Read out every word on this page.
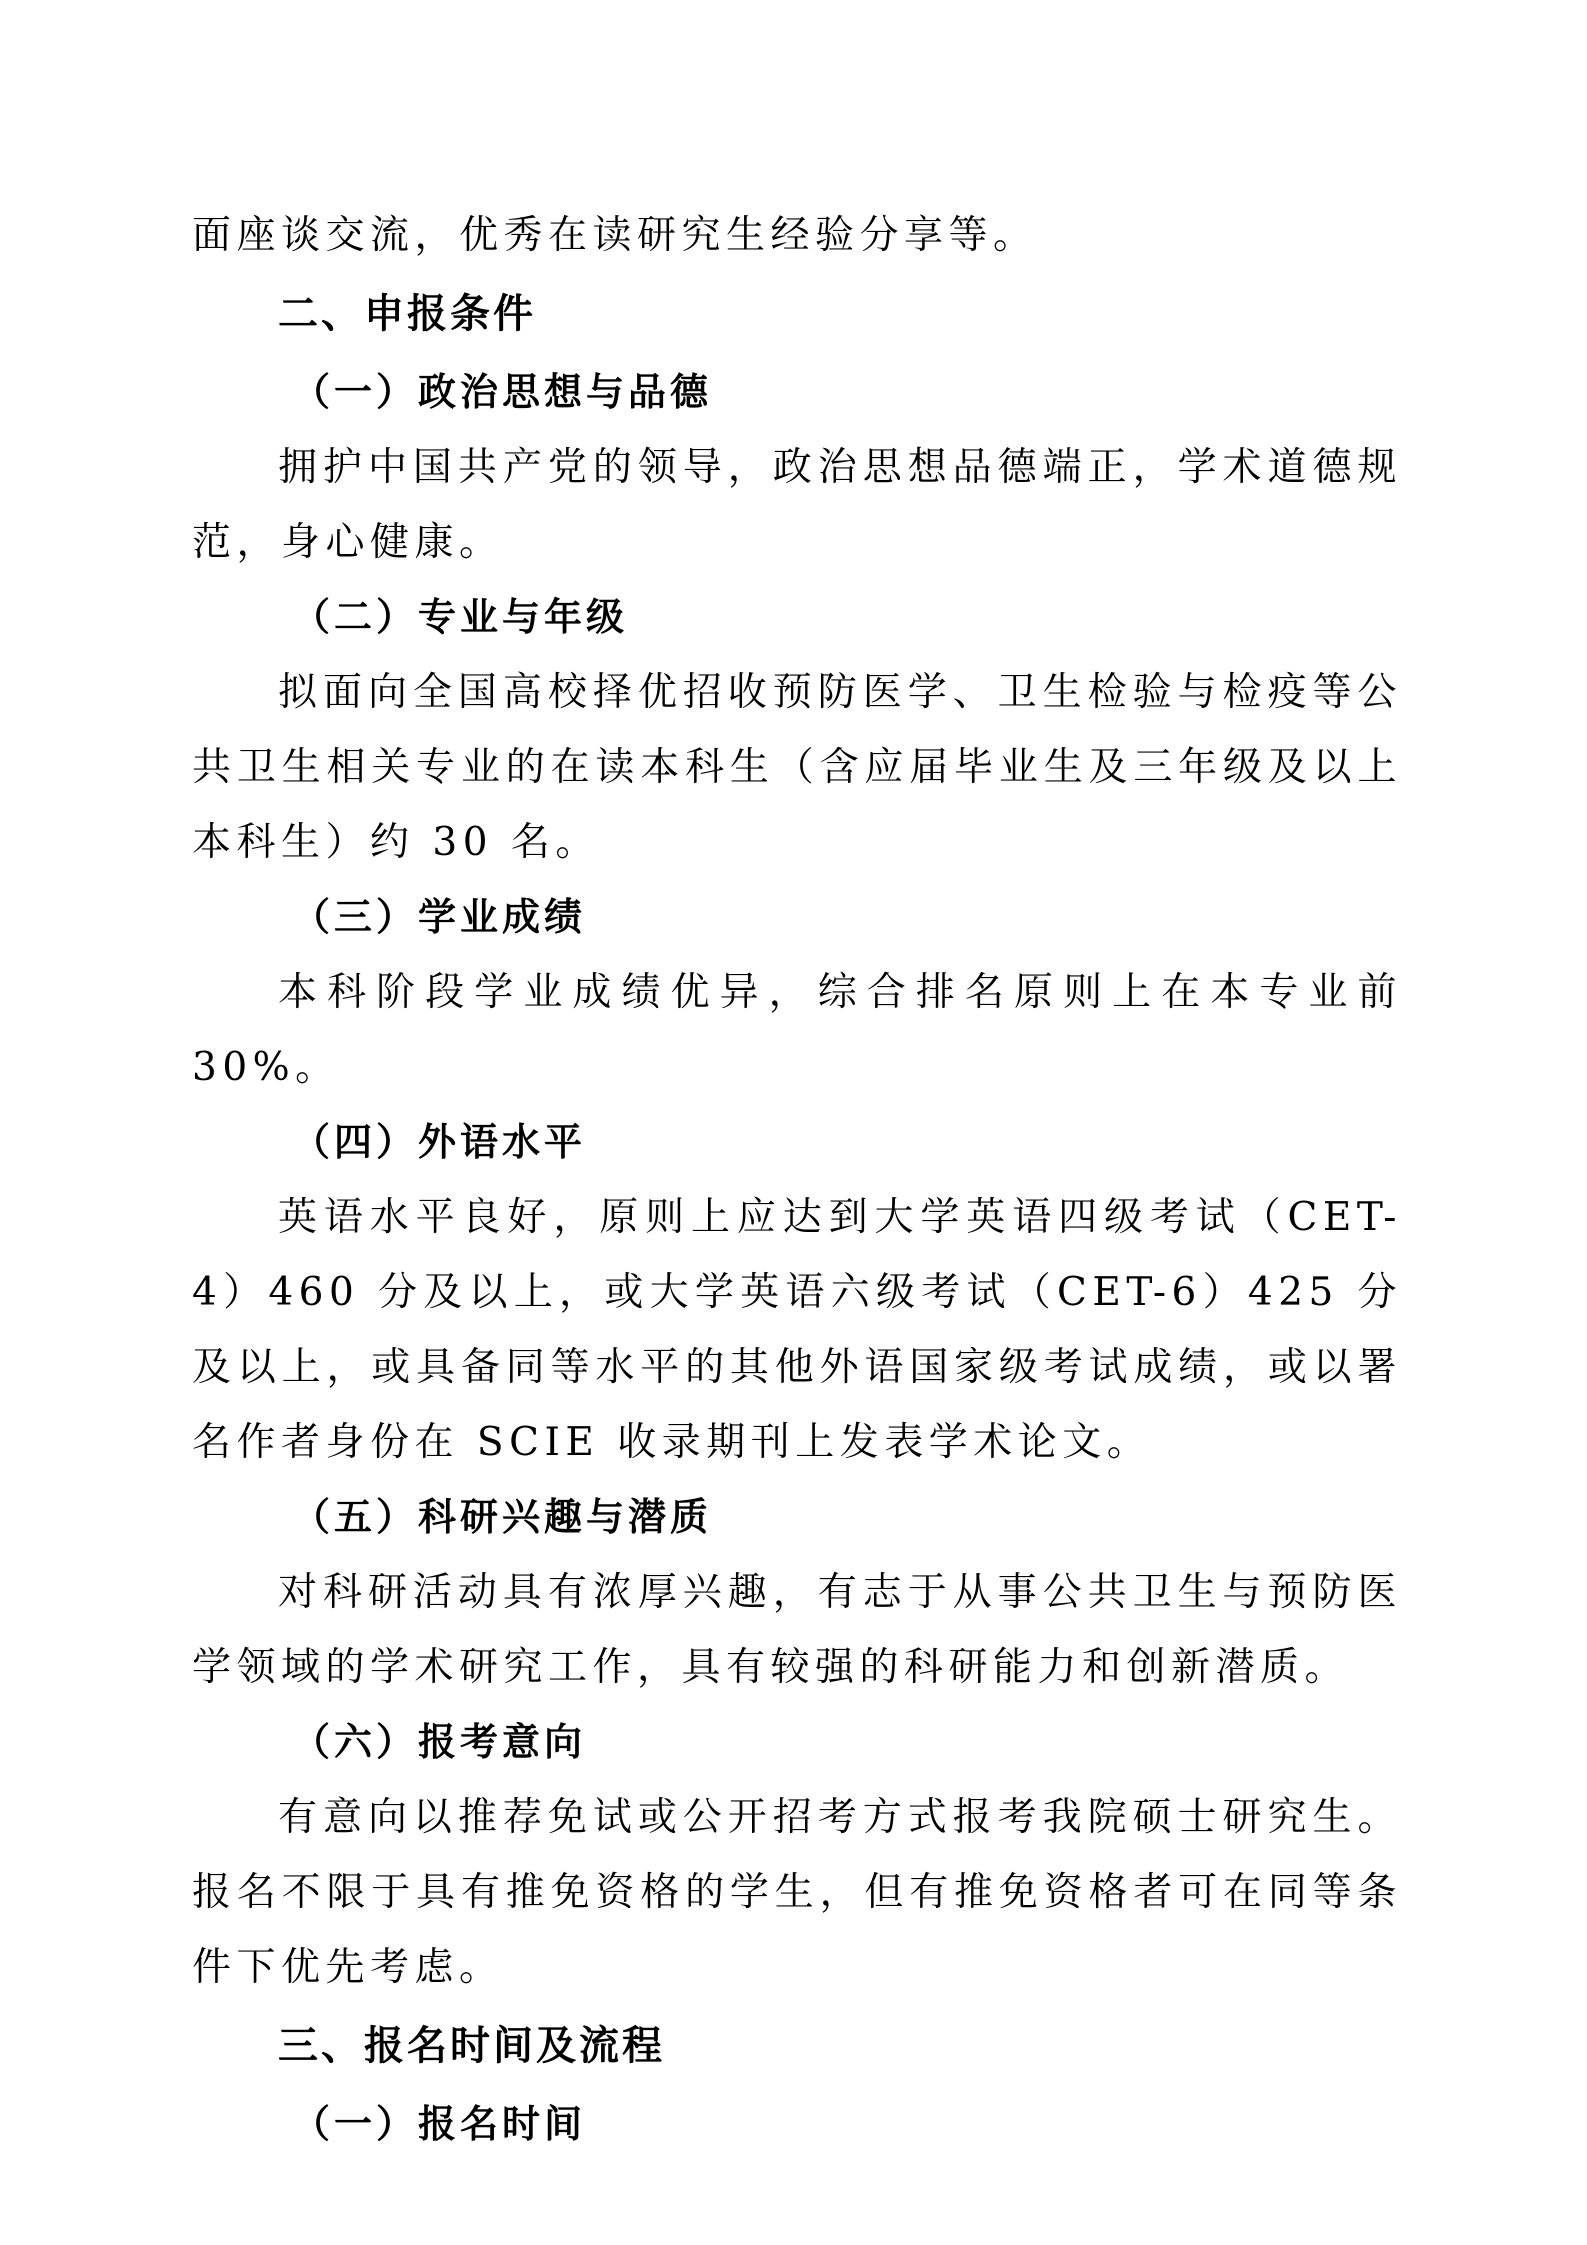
面座谈交流，优秀在读研究生经验分享等。

二、申报条件

（一）政治思想与品德

拥护中国共产党的领导，政治思想品德端正，学术道德规范，身心健康。

（二）专业与年级

拟面向全国高校择优招收预防医学、卫生检验与检疫等公共卫生相关专业的在读本科生（含应届毕业生及三年级及以上本科生）约 30 名。

（三）学业成绩

本科阶段学业成绩优异，综合排名原则上在本专业前 30%。

（四）外语水平

英语水平良好，原则上应达到大学英语四级考试（CET-4）460 分及以上，或大学英语六级考试（CET-6）425 分及以上，或具备同等水平的其他外语国家级考试成绩，或以署名作者身份在 SCIE 收录期刊上发表学术论文。

（五）科研兴趣与潜质

对科研活动具有浓厚兴趣，有志于从事公共卫生与预防医学领域的学术研究工作，具有较强的科研能力和创新潜质。

（六）报考意向

有意向以推荐免试或公开招考方式报考我院硕士研究生。报名不限于具有推免资格的学生，但有推免资格者可在同等条件下优先考虑。

三、报名时间及流程

（一）报名时间
